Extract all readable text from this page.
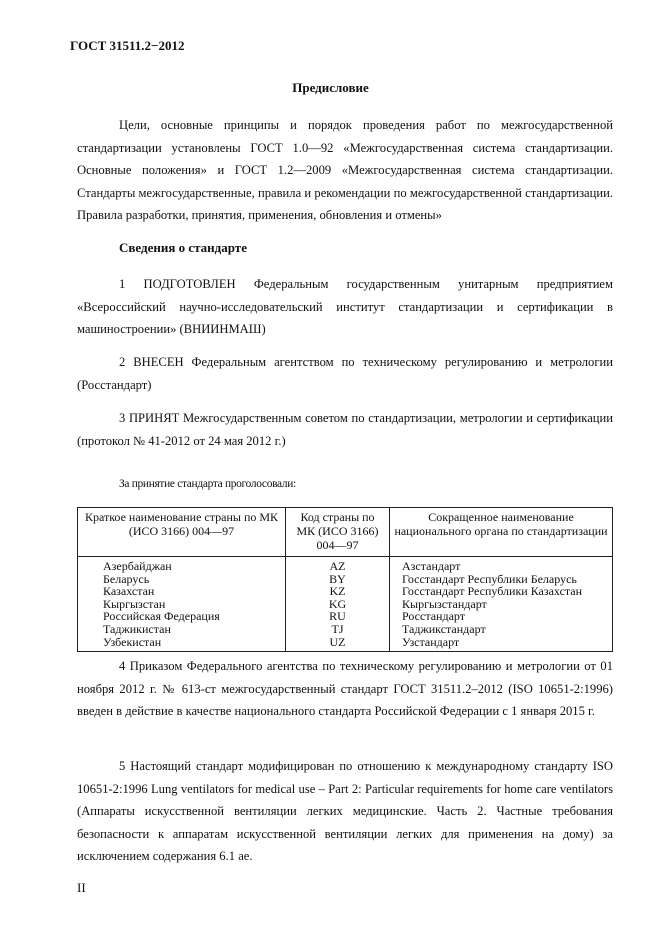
ГОСТ 31511.2−2012
Предисловие
Цели, основные принципы и порядок проведения работ по межгосударственной стандартизации установлены ГОСТ 1.0—92 «Межгосударственная система стандартизации. Основные положения» и ГОСТ 1.2—2009 «Межгосударственная система стандартизации. Стандарты межгосударственные, правила и рекомендации по межгосударственной стандартизации. Правила разработки, принятия, применения, обновления и отмены»
Сведения о стандарте
1 ПОДГОТОВЛЕН Федеральным государственным унитарным предприятием «Всероссийский научно-исследовательский институт стандартизации и сертификации в машиностроении» (ВНИИНМАШ)
2 ВНЕСЕН Федеральным агентством по техническому регулированию и метрологии (Росстандарт)
3 ПРИНЯТ Межгосударственным советом по стандартизации, метрологии и сертификации (протокол № 41-2012 от 24 мая 2012 г.)
За принятие стандарта проголосовали:
Краткое наименование страны по МК (ИСО 3166) 004—97	Код страны по МК (ИСО 3166) 004—97	Сокращенное наименование национального органа по стандартизации
Азербайджан	AZ	Азстандарт
Беларусь	BY	Госстандарт Республики Беларусь
Казахстан	KZ	Госстандарт Республики Казахстан
Кыргызстан	KG	Кыргызстандарт
Российская Федерация	RU	Росстандарт
Таджикистан	TJ	Таджикстандарт
Узбекистан	UZ	Узстандарт
4 Приказом Федерального агентства по техническому регулированию и метрологии от 01 ноября 2012 г. № 613-ст межгосударственный стандарт ГОСТ 31511.2–2012 (ISO 10651-2:1996) введен в действие в качестве национального стандарта Российской Федерации с 1 января 2015 г.
5 Настоящий стандарт модифицирован по отношению к международному стандарту ISO 10651-2:1996 Lung ventilators for medical use – Part 2: Particular requirements for home care ventilators (Аппараты искусственной вентиляции легких медицинские. Часть 2. Частные требования безопасности к аппаратам искусственной вентиляции легких для применения на дому) за исключением содержания 6.1 ае.
II
